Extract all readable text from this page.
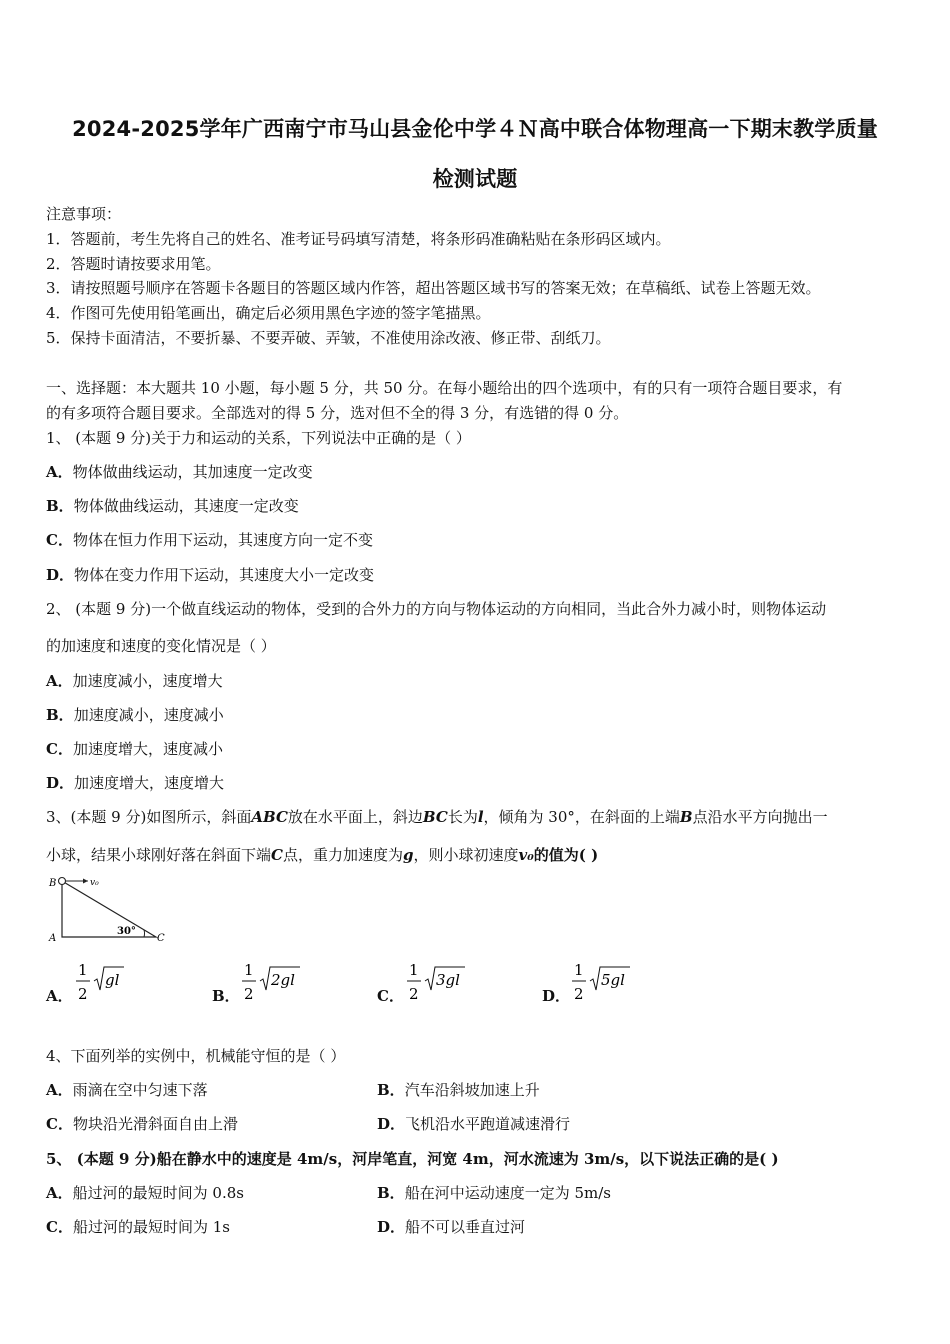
2024-2025学年广西南宁市马山县金伦中学４Ｎ高中联合体物理高一下期末教学质量
检测试题
注意事项：
1．答题前，考生先将自己的姓名、准考证号码填写清楚，将条形码准确粘贴在条形码区域内。
2．答题时请按要求用笔。
3．请按照题号顺序在答题卡各题目的答题区域内作答，超出答题区域书写的答案无效；在草稿纸、试卷上答题无效。
4．作图可先使用铅笔画出，确定后必须用黑色字迹的签字笔描黑。
5．保持卡面清洁，不要折暴、不要弄破、弄皱，不准使用涂改液、修正带、刮纸刀。
一、选择题：本大题共 10 小题，每小题 5 分，共 50 分。在每小题给出的四个选项中，有的只有一项符合题目要求，有
的有多项符合题目要求。全部选对的得 5 分，选对但不全的得 3 分，有选错的得 0 分。
1、 (本题 9 分)关于力和运动的关系，下列说法中正确的是（ ）
A．物体做曲线运动，其加速度一定改变
B．物体做曲线运动，其速度一定改变
C．物体在恒力作用下运动，其速度方向一定不变
D．物体在变力作用下运动，其速度大小一定改变
2、 (本题 9 分)一个做直线运动的物体，受到的合外力的方向与物体运动的方向相同，当此合外力减小时，则物体运动
的加速度和速度的变化情况是（ ）
A．加速度减小，速度增大
B．加速度减小，速度减小
C．加速度增大，速度减小
D．加速度增大，速度增大
3、(本题 9 分)如图所示，斜面ABC放在水平面上，斜边BC长为l，倾角为 30°，在斜面的上端B点沿水平方向抛出一
小球，结果小球刚好落在斜面下端C点，重力加速度为g，则小球初速度v₀的值为( )
v₀
B
A	C
30°
A．
1
2
gl
B．
1
2
2gl
C．
1
2
3gl
D．
1
2
5gl
4、下面列举的实例中，机械能守恒的是（ ）
A．雨滴在空中匀速下落	B．汽车沿斜坡加速上升
C．物块沿光滑斜面自由上滑	D．飞机沿水平跑道减速滑行
5、 (本题 9 分)船在静水中的速度是 4m/s，河岸笔直，河宽 4m，河水流速为 3m/s，以下说法正确的是( )
A．船过河的最短时间为 0.8s	B．船在河中运动速度一定为 5m/s
C．船过河的最短时间为 1s	D．船不可以垂直过河
